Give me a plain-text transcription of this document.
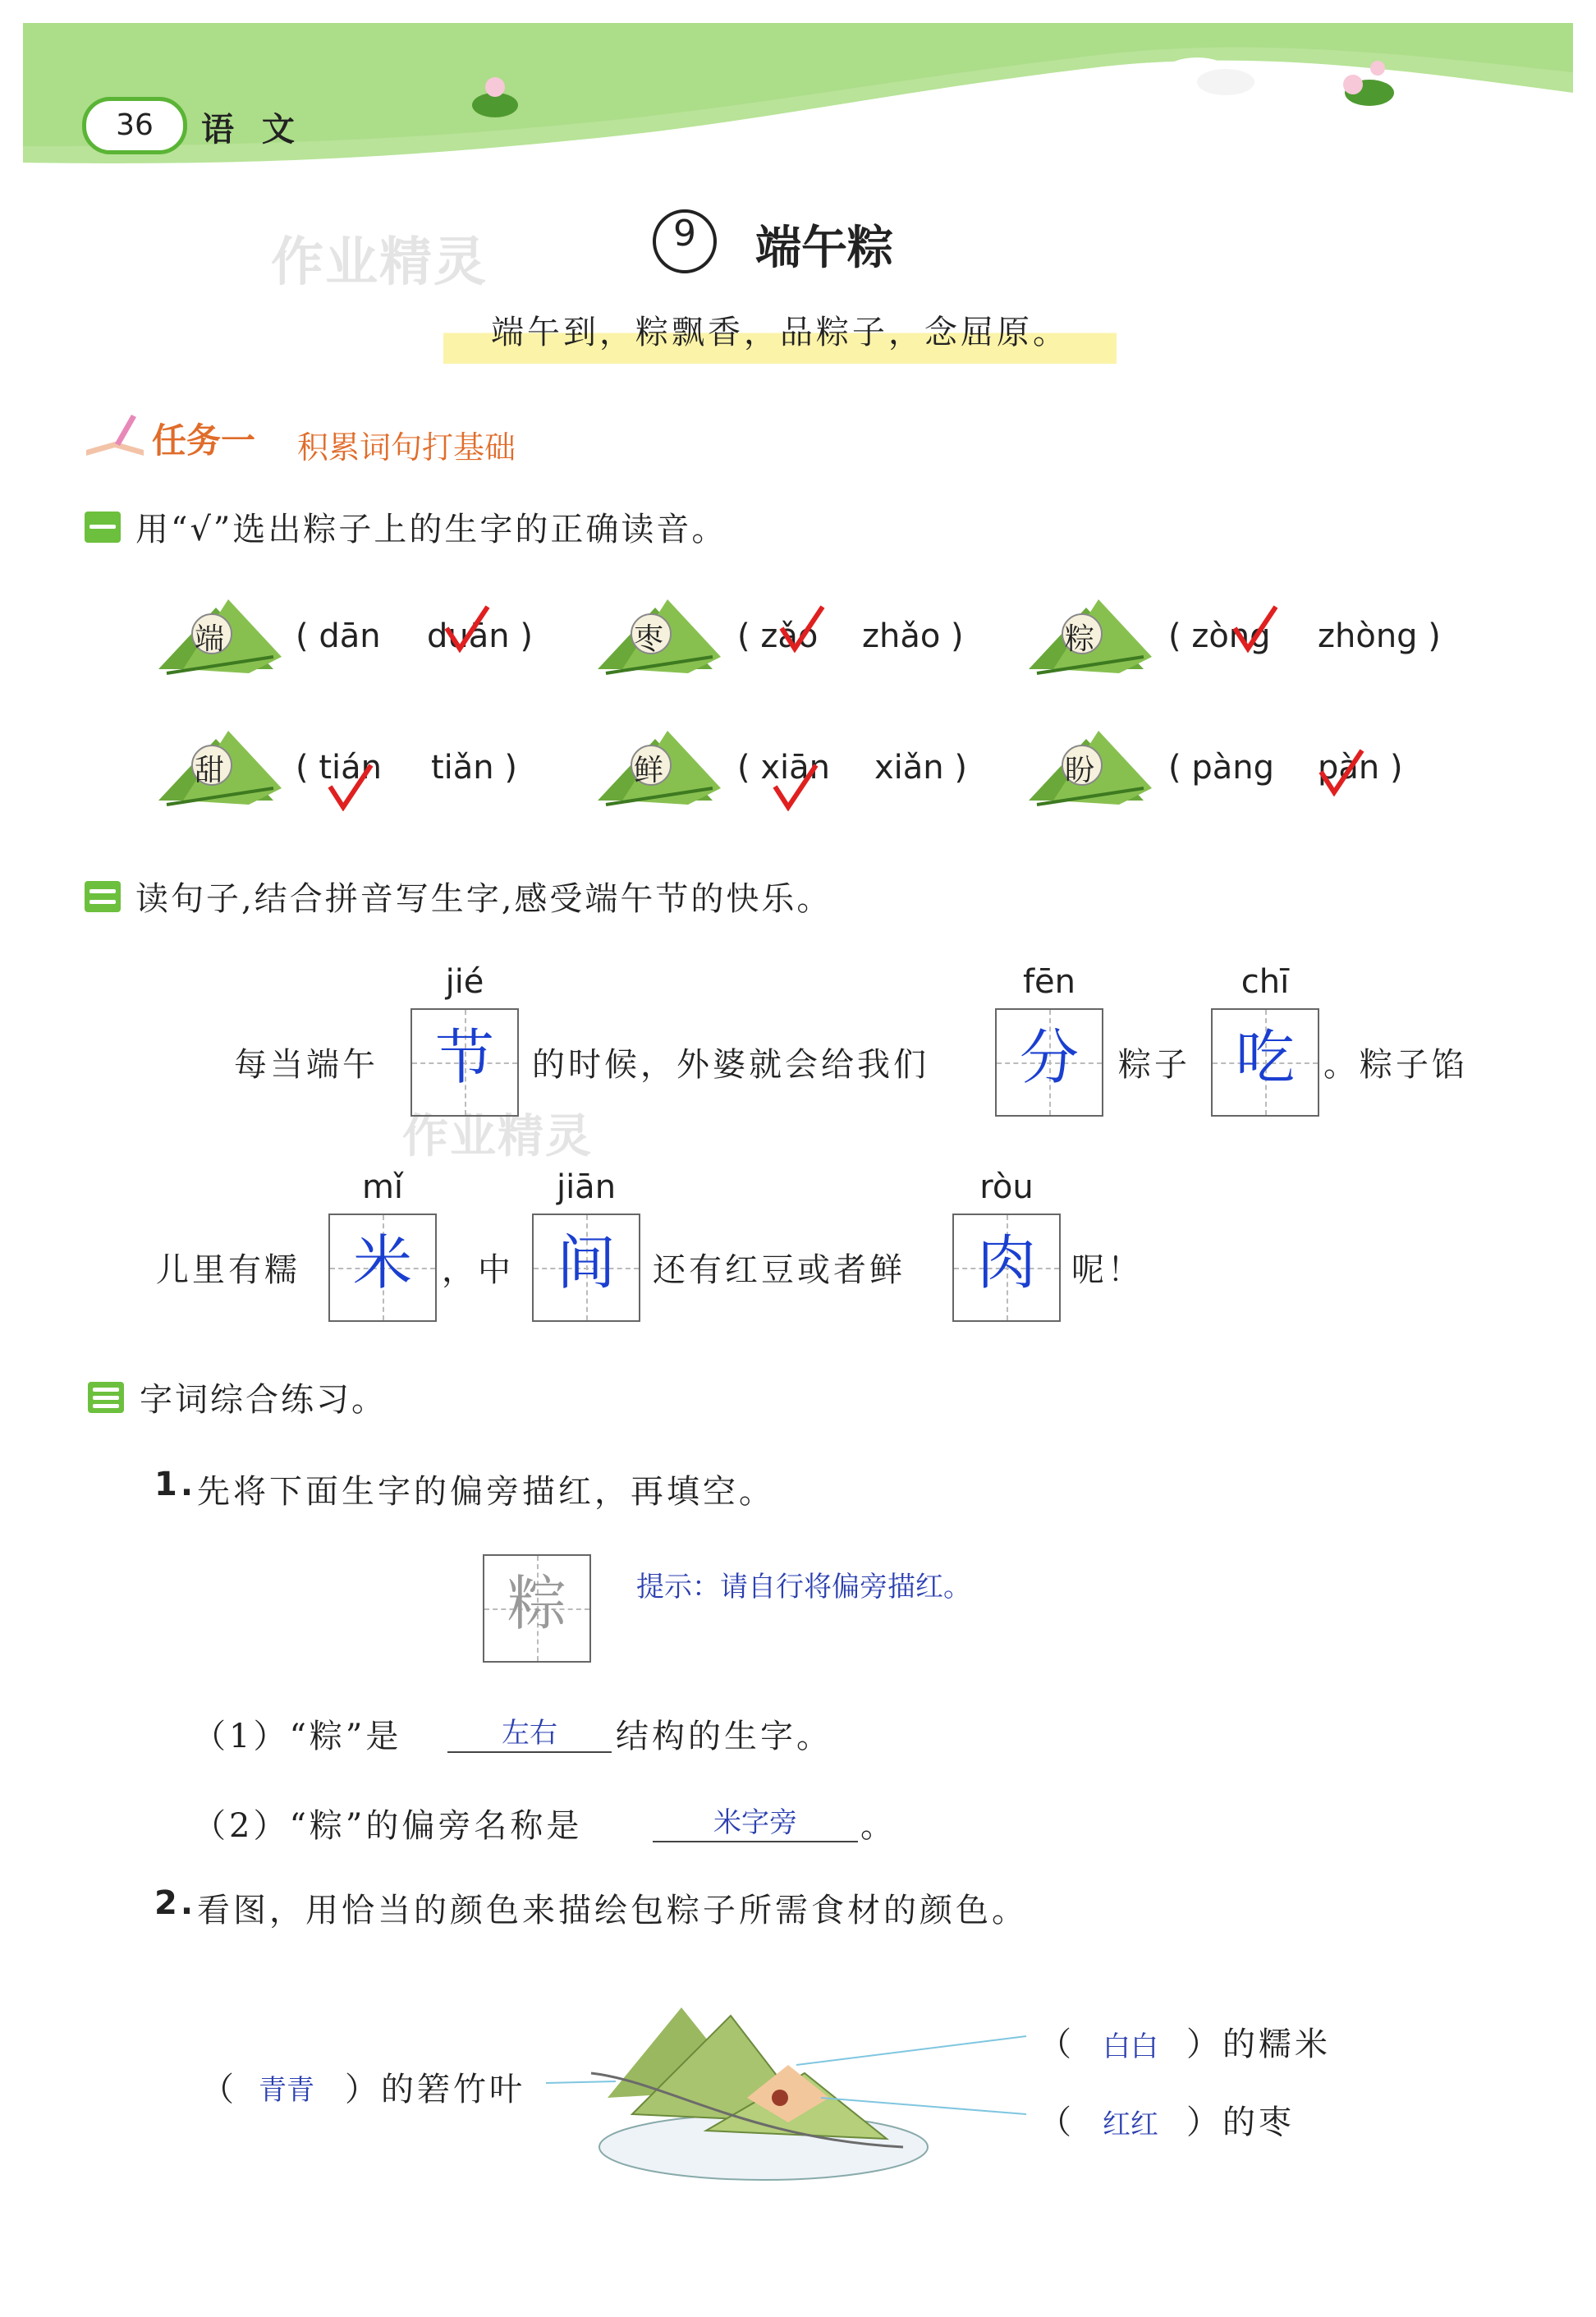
36	语 文
作业精灵
作业精灵
9	端午粽
端午到，粽飘香，品粽子，念屈原。
任务一 积累词句打基础
用“√”选出粽子上的生字的正确读音。
端 ( dān duān )	枣 ( zǎo zhǎo )	粽 ( zòng zhòng )
甜 ( tián tiǎn )	鲜 ( xiān xiǎn )	盼 ( pàng pàn )
读句子,结合拼音写生字,感受端午节的快乐。
每当端午
jié
节	的时候，外婆就会给我们
fēn
分	粽子
chī
吃 。粽子馅
儿里有糯
mǐ
米 ，中
jiān
间	还有红豆或者鲜
ròu
肉	呢！
字词综合练习。
1. 先将下面生字的偏旁描红，再填空。
粽	提示：请自行将偏旁描红。
（1）“粽”是	左右	结构的生字。
（2）“粽”的偏旁名称是	米字旁	。
2. 看图，用恰当的颜色来描绘包粽子所需食材的颜色。
（ 青青 ）的箬竹叶
（ 白白 ）的糯米
（ 红红 ）的枣
